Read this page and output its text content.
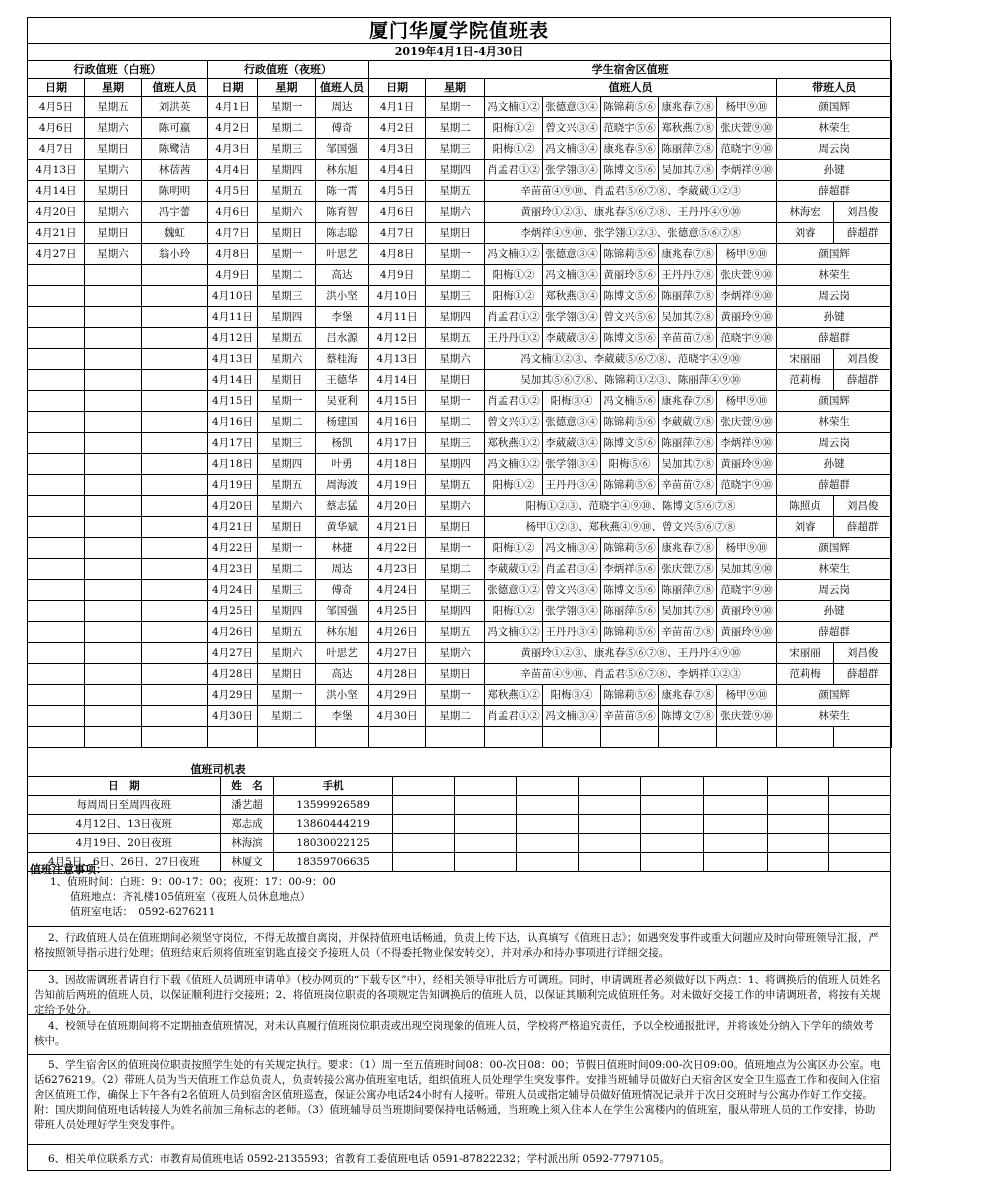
厦门华厦学院值班表
2019年4月1日-4月30日
行政值班（白班）			行政值班（夜班）			学生宿舍区值班								
日期	星期	值班人员	日期	星期	值班人员	日期	星期	值班人员					带班人员	
4月5日	星期五	刘洪英	4月1日	星期一	周达	4月1日	星期一	冯文楠①②	张德意③④	陈锦莉⑤⑥	康兆春⑦⑧	杨甲⑨⑩	颜国辉	
4月6日	星期六	陈可嬴	4月2日	星期二	傅奇	4月2日	星期二	阳梅①②	曾文兴③④	范晓宇⑤⑥	郑秋燕⑦⑧	张庆萱⑨⑩	林荣生	
4月7日	星期日	陈鹭洁	4月3日	星期三	邹国强	4月3日	星期三	阳梅①②	冯文楠③④	康兆春⑤⑥	陈丽萍⑦⑧	范晓宇⑨⑩	周云岗	
4月13日	星期六	林蓓茜	4月4日	星期四	林东旭	4月4日	星期四	肖孟君①②	张学翎③④	陈博文⑤⑥	吴加其⑦⑧	李炳祥⑨⑩	孙键	
4月14日	星期日	陈明明	4月5日	星期五	陈一霄	4月5日	星期五	辛苗苗④⑨⑩、肖孟君⑤⑥⑦⑧、李葳葳①②③					薛超群	
4月20日	星期六	冯宇蕾	4月6日	星期六	陈育智	4月6日	星期六	黄丽玲①②③、康兆春⑤⑥⑦⑧、王丹丹④⑨⑩					林海宏	刘昌俊
4月21日	星期日	魏虹	4月7日	星期日	陈志聪	4月7日	星期日	李炳祥④⑨⑩、张学翎①②③、张德意⑤⑥⑦⑧					刘睿	薛超群
4月27日	星期六	翁小玲	4月8日	星期一	叶思艺	4月8日	星期一	冯文楠①②	张德意③④	陈锦莉⑤⑥	康兆春⑦⑧	杨甲⑨⑩	颜国辉	
			4月9日	星期二	高达	4月9日	星期二	阳梅①②	冯文楠③④	黄丽玲⑤⑥	王丹丹⑦⑧	张庆萱⑨⑩	林荣生	
			4月10日	星期三	洪小坚	4月10日	星期三	阳梅①②	郑秋燕③④	陈博文⑤⑥	陈丽萍⑦⑧	李炳祥⑨⑩	周云岗	
			4月11日	星期四	李堡	4月11日	星期四	肖孟君①②	张学翎③④	曾文兴⑤⑥	吴加其⑦⑧	黄丽玲⑨⑩	孙键	
			4月12日	星期五	吕水源	4月12日	星期五	王丹丹①②	李葳葳③④	陈博文⑤⑥	辛苗苗⑦⑧	范晓宇⑨⑩	薛超群	
			4月13日	星期六	蔡桂海	4月13日	星期六	冯文楠①②③、李葳葳⑤⑥⑦⑧、范晓宇④⑨⑩					宋丽丽	刘昌俊
			4月14日	星期日	王德华	4月14日	星期日	吴加其⑤⑥⑦⑧、陈锦莉①②③、陈丽萍④⑨⑩					范莉梅	薛超群
			4月15日	星期一	吴亚利	4月15日	星期一	肖孟君①②	阳梅③④	冯文楠⑤⑥	康兆春⑦⑧	杨甲⑨⑩	颜国辉	
			4月16日	星期二	杨建国	4月16日	星期二	曾文兴①②	张德意③④	陈锦莉⑤⑥	李葳葳⑦⑧	张庆萱⑨⑩	林荣生	
			4月17日	星期三	杨凯	4月17日	星期三	郑秋燕①②	李葳葳③④	陈博文⑤⑥	陈丽萍⑦⑧	李炳祥⑨⑩	周云岗	
			4月18日	星期四	叶勇	4月18日	星期四	冯文楠①②	张学翎③④	阳梅⑤⑥	吴加其⑦⑧	黄丽玲⑨⑩	孙键	
			4月19日	星期五	周海波	4月19日	星期五	阳梅①②	王丹丹③④	陈锦莉⑤⑥	辛苗苗⑦⑧	范晓宇⑨⑩	薛超群	
			4月20日	星期六	蔡志猛	4月20日	星期六	阳梅①②③、范晓宇④⑨⑩、陈博文⑤⑥⑦⑧					陈照贞	刘昌俊
			4月21日	星期日	黄华斌	4月21日	星期日	杨甲①②③、郑秋燕④⑨⑩、曾文兴⑤⑥⑦⑧					刘睿	薛超群
			4月22日	星期一	林捷	4月22日	星期一	阳梅①②	冯文楠③④	陈锦莉⑤⑥	康兆春⑦⑧	杨甲⑨⑩	颜国辉	
			4月23日	星期二	周达	4月23日	星期二	李葳葳①②	肖孟君③④	李炳祥⑤⑥	张庆萱⑦⑧	吴加其⑨⑩	林荣生	
			4月24日	星期三	傅奇	4月24日	星期三	张德意①②	曾文兴③④	陈博文⑤⑥	陈丽萍⑦⑧	范晓宇⑨⑩	周云岗	
			4月25日	星期四	邹国强	4月25日	星期四	阳梅①②	张学翎③④	陈丽萍⑤⑥	吴加其⑦⑧	黄丽玲⑨⑩	孙键	
			4月26日	星期五	林东旭	4月26日	星期五	冯文楠①②	王丹丹③④	陈锦莉⑤⑥	辛苗苗⑦⑧	黄丽玲⑨⑩	薛超群	
			4月27日	星期六	叶思艺	4月27日	星期六	黄丽玲①②③、康兆春⑤⑥⑦⑧、王丹丹④⑨⑩					宋丽丽	刘昌俊
			4月28日	星期日	高达	4月28日	星期日	辛苗苗④⑨⑩、肖孟君⑤⑥⑦⑧、李炳祥①②③					范莉梅	薛超群
			4月29日	星期一	洪小坚	4月29日	星期一	郑秋燕①②	阳梅③④	陈锦莉⑤⑥	康兆春⑦⑧	杨甲⑨⑩	颜国辉	
			4月30日	星期二	李堡	4月30日	星期二	肖孟君①②	冯文楠③④	辛苗苗⑤⑥	陈博文⑦⑧	张庆萱⑨⑩	林荣生	

值班司机表
日　期	姓　名	手机								
每周周日至周四夜班	潘艺超	13599926589								
4月12日、13日夜班	郑志成	13860444219								
4月19日、20日夜班	林海滨	18030022125								
4月5日、6日、26日、27日夜班	林厦文	18359706635								
值班注意事项：

1、值班时间：白班：9：00-17：00；夜班：17：00-9：00

值班地点：齐礼楼105值班室（夜班人员休息地点）

值班室电话：　0592-6276211

2、行政值班人员在值班期间必须坚守岗位，不得无故擅自离岗，并保持值班电话畅通，负责上传下达，认真填写《值班日志》；如遇突发事件或重大问题应及时向带班领导汇报，严格按照领导指示进行处理；值班结束后须将值班室钥匙直接交予接班人员（不得委托物业保安转交），并对承办和待办事项进行详细交接。

3、因故需调班者请自行下载《值班人员调班申请单》（校办网页的“下载专区”中），经相关领导审批后方可调班。同时，申请调班者必须做好以下两点：1、将调换后的值班人员姓名告知前后两班的值班人员，以保证顺利进行交接班；2、将值班岗位职责的各项规定告知调换后的值班人员，以保证其顺利完成值班任务。对未做好交接工作的申请调班者，将按有关规定给予处分。

4、校领导在值班期间将不定期抽查值班情况，对未认真履行值班岗位职责或出现空岗现象的值班人员，学校将严格追究责任，予以全校通报批评，并将该处分纳入下学年的绩效考核中。

5、学生宿舍区的值班岗位职责按照学生处的有关规定执行。要求：（1）周一至五值班时间08：00-次日08：00；节假日值班时间09:00-次日09:00。值班地点为公寓区办公室。电话6276219。（2）带班人员为当天值班工作总负责人，负责转接公寓办值班室电话，组织值班人员处理学生突发事件。安排当班辅导员做好白天宿舍区安全卫生巡查工作和夜间入住宿舍区值班工作，确保上下午各有2名值班人员到宿舍区值班巡查，保证公寓办电话24小时有人接听。带班人员或指定辅导员做好值班情况记录并于次日交班时与公寓办作好工作交接。附：国庆期间值班电话转接人为姓名前加三角标志的老师。（3）值班辅导员当班期间要保持电话畅通，当班晚上须入住本人在学生公寓楼内的值班室，服从带班人员的工作安排，协助带班人员处理好学生突发事件。

6、相关单位联系方式：市教育局值班电话 0592-2135593；省教育工委值班电话 0591-87822232；学村派出所 0592-7797105。
